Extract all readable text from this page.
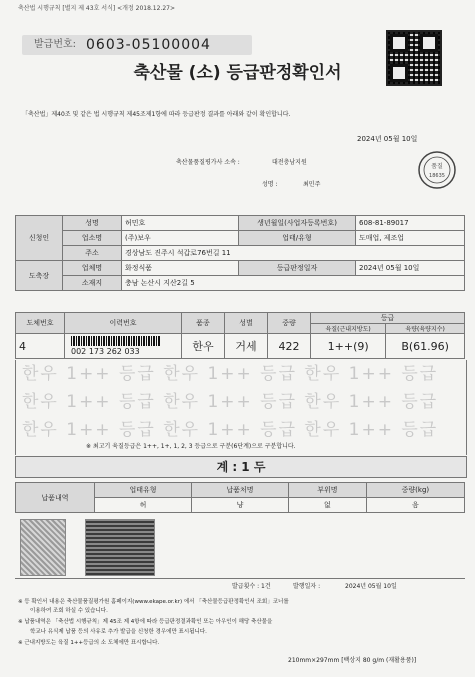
축산법 시행규칙 [별지 제 43호 서식] <개정 2018.12.27>
발급번호: 0603-05100004
축산물 (소) 등급판정확인서
「축산법」제40조 및 같은 법 시행규칙 제45조제1항에 따라 등급판정 결과를 아래와 같이 확인합니다.
2024년 05월 10일
축산물품질평가사 소속 :	대전충남지원
성명 :	최민주
품질
18635
신청인	성명	허민호	생년월일(사업자등록번호)	608-81-89017
	업소명	(주)보우	업태/유형	도매업, 제조업
	주소	경상남도 진주시 석갑로76번길 11		
도축장	업체명	화정식품	등급판정일자	2024년 05월 10일
	소재지	충남 논산시 지산2길 5		
도체번호	이력번호	품종	성별	중량	등급	
					육질(근내지방도)	육량(육량지수)
4	002 173 262 033	한우	거세	422	1++(9)	B(61.96)
한우 1++ 등급 한우 1++ 등급 한우 1++ 등급
한우 1++ 등급 한우 1++ 등급 한우 1++ 등급
한우 1++ 등급 한우 1++ 등급 한우 1++ 등급
※ 최고기 육질등급은 1++, 1+, 1, 2, 3 등급으로 구분(6단계)으로 구분합니다.
계 : 1 두
납품내역	업태유형	납품처명	부위명	중량(kg)
	허	냥	없	음
발급횟수 : 1건	발행일자 :	2024년 05월 10일
※ 등 확인서 내용은 축산물품질평가원 홈페이지(www.ekape.or.kr) 에서 「축산물등급판정확인서 조회」코너를
이용하여 조회 하실 수 있습니다.
※ 납품내역은 「축산법 시행규칙」제 45조 제 4항에 따라 등급판정결과확인 또는 아우인이 해당 축산물을
학교나 유식제 납품 등의 사유로 추가 발급을 신청한 경우에만 표시됩니다.
※ 근내지방도는 육질 1++등급의 소 도체에만 표시합니다.
210mm×297mm [백상지 80 g/m (재활용품)]
